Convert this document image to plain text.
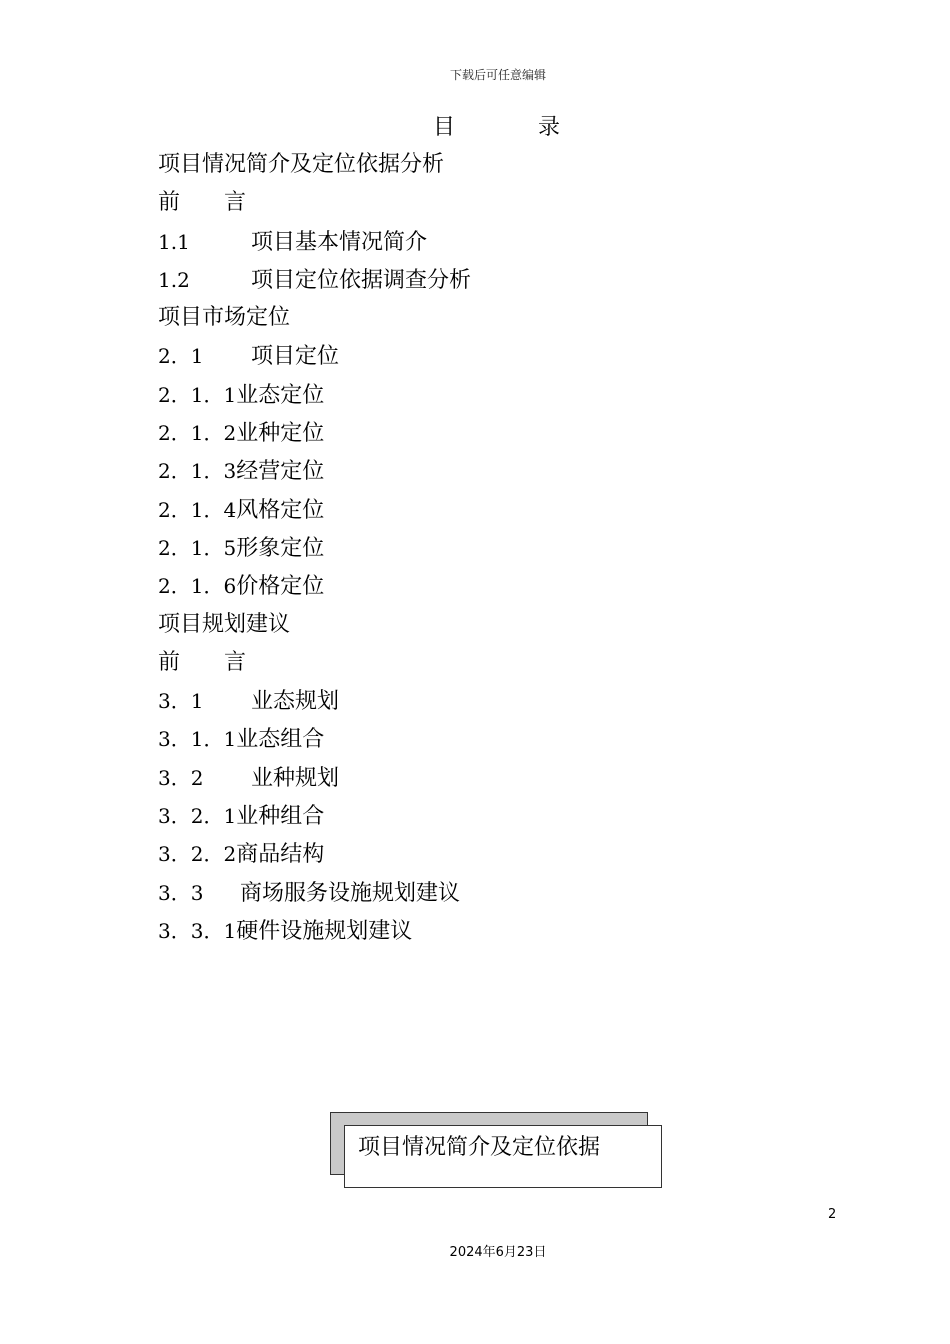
下载后可任意编辑
目	录
项目情况简介及定位依据分析
前　　言
1.1	项目基本情况简介
1.2	项目定位依据调查分析
项目市场定位
2．1 项目定位
2．1．1业态定位
2．1．2业种定位
2．1．3经营定位
2．1．4风格定位
2．1．5形象定位
2．1．6价格定位
项目规划建议
前　　言
3．1 业态规划
3．1．1业态组合
3．2 业种规划
3．2．1业种组合
3．2．2商品结构
3．3 商场服务设施规划建议
3．3．1硬件设施规划建议
项目情况简介及定位依据
2
2024年6月23日
